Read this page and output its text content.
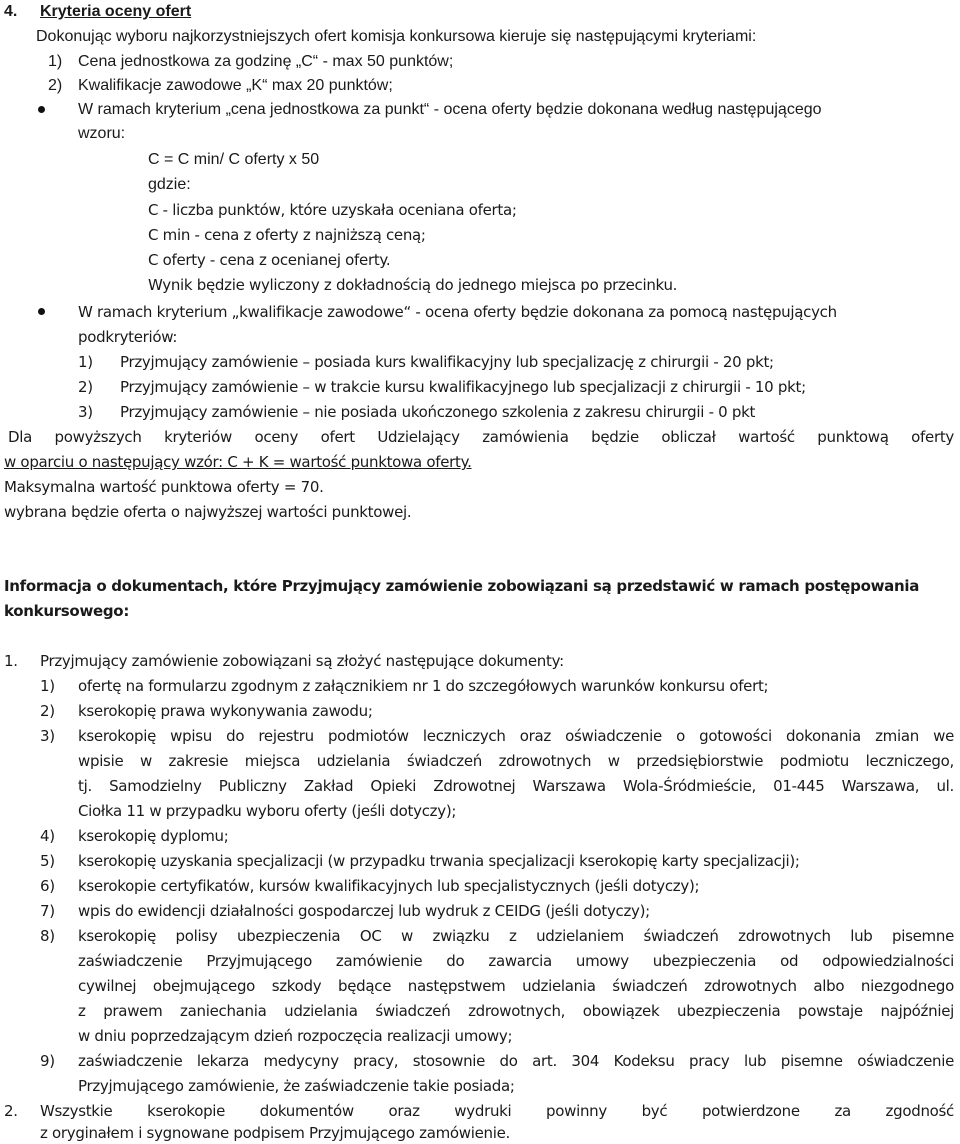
4. Kryteria oceny ofert
Dokonując wyboru najkorzystniejszych ofert komisja konkursowa kieruje się następującymi kryteriami:
1) Cena jednostkowa za godzinę „C“ - max 50 punktów;
2) Kwalifikacje zawodowe „K“ max 20 punktów;
W ramach kryterium „cena jednostkowa za punkt“ - ocena oferty będzie dokonana według następującego
wzoru:
C = C min/ C oferty x 50
gdzie:
C - liczba punktów, które uzyskała oceniana oferta;
C min - cena z oferty z najniższą ceną;
C oferty - cena z ocenianej oferty.
Wynik będzie wyliczony z dokładnością do jednego miejsca po przecinku.
W ramach kryterium „kwalifikacje zawodowe“ - ocena oferty będzie dokonana za pomocą następujących
podkryteriów:
1) Przyjmujący zamówienie – posiada kurs kwalifikacyjny lub specjalizację z chirurgii - 20 pkt;
2) Przyjmujący zamówienie – w trakcie kursu kwalifikacyjnego lub specjalizacji z chirurgii - 10 pkt;
3) Przyjmujący zamówienie – nie posiada ukończonego szkolenia z zakresu chirurgii - 0 pkt
Dla powyższych kryteriów oceny ofert Udzielający zamówienia będzie obliczał wartość punktową oferty
w oparciu o następujący wzór: C + K = wartość punktowa oferty.
Maksymalna wartość punktowa oferty = 70.
wybrana będzie oferta o najwyższej wartości punktowej.
Informacja o dokumentach, które Przyjmujący zamówienie zobowiązani są przedstawić w ramach postępowania
konkursowego:
1. Przyjmujący zamówienie zobowiązani są złożyć następujące dokumenty:
1) ofertę na formularzu zgodnym z załącznikiem nr 1 do szczegółowych warunków konkursu ofert;
2) kserokopię prawa wykonywania zawodu;
3) kserokopię wpisu do rejestru podmiotów leczniczych oraz oświadczenie o gotowości dokonania zmian we
wpisie w zakresie miejsca udzielania świadczeń zdrowotnych w przedsiębiorstwie podmiotu leczniczego,
tj. Samodzielny Publiczny Zakład Opieki Zdrowotnej Warszawa Wola-Śródmieście, 01-445 Warszawa, ul.
Ciołka 11 w przypadku wyboru oferty (jeśli dotyczy);
4) kserokopię dyplomu;
5) kserokopię uzyskania specjalizacji (w przypadku trwania specjalizacji kserokopię karty specjalizacji);
6) kserokopie certyfikatów, kursów kwalifikacyjnych lub specjalistycznych (jeśli dotyczy);
7) wpis do ewidencji działalności gospodarczej lub wydruk z CEIDG (jeśli dotyczy);
8) kserokopię polisy ubezpieczenia OC w związku z udzielaniem świadczeń zdrowotnych lub pisemne
zaświadczenie Przyjmującego zamówienie do zawarcia umowy ubezpieczenia od odpowiedzialności
cywilnej obejmującego szkody będące następstwem udzielania świadczeń zdrowotnych albo niezgodnego
z prawem zaniechania udzielania świadczeń zdrowotnych, obowiązek ubezpieczenia powstaje najpóźniej
w dniu poprzedzającym dzień rozpoczęcia realizacji umowy;
9) zaświadczenie lekarza medycyny pracy, stosownie do art. 304 Kodeksu pracy lub pisemne oświadczenie
Przyjmującego zamówienie, że zaświadczenie takie posiada;
2. Wszystkie kserokopie dokumentów oraz wydruki powinny być potwierdzone za zgodność
z oryginałem i sygnowane podpisem Przyjmującego zamówienie.
